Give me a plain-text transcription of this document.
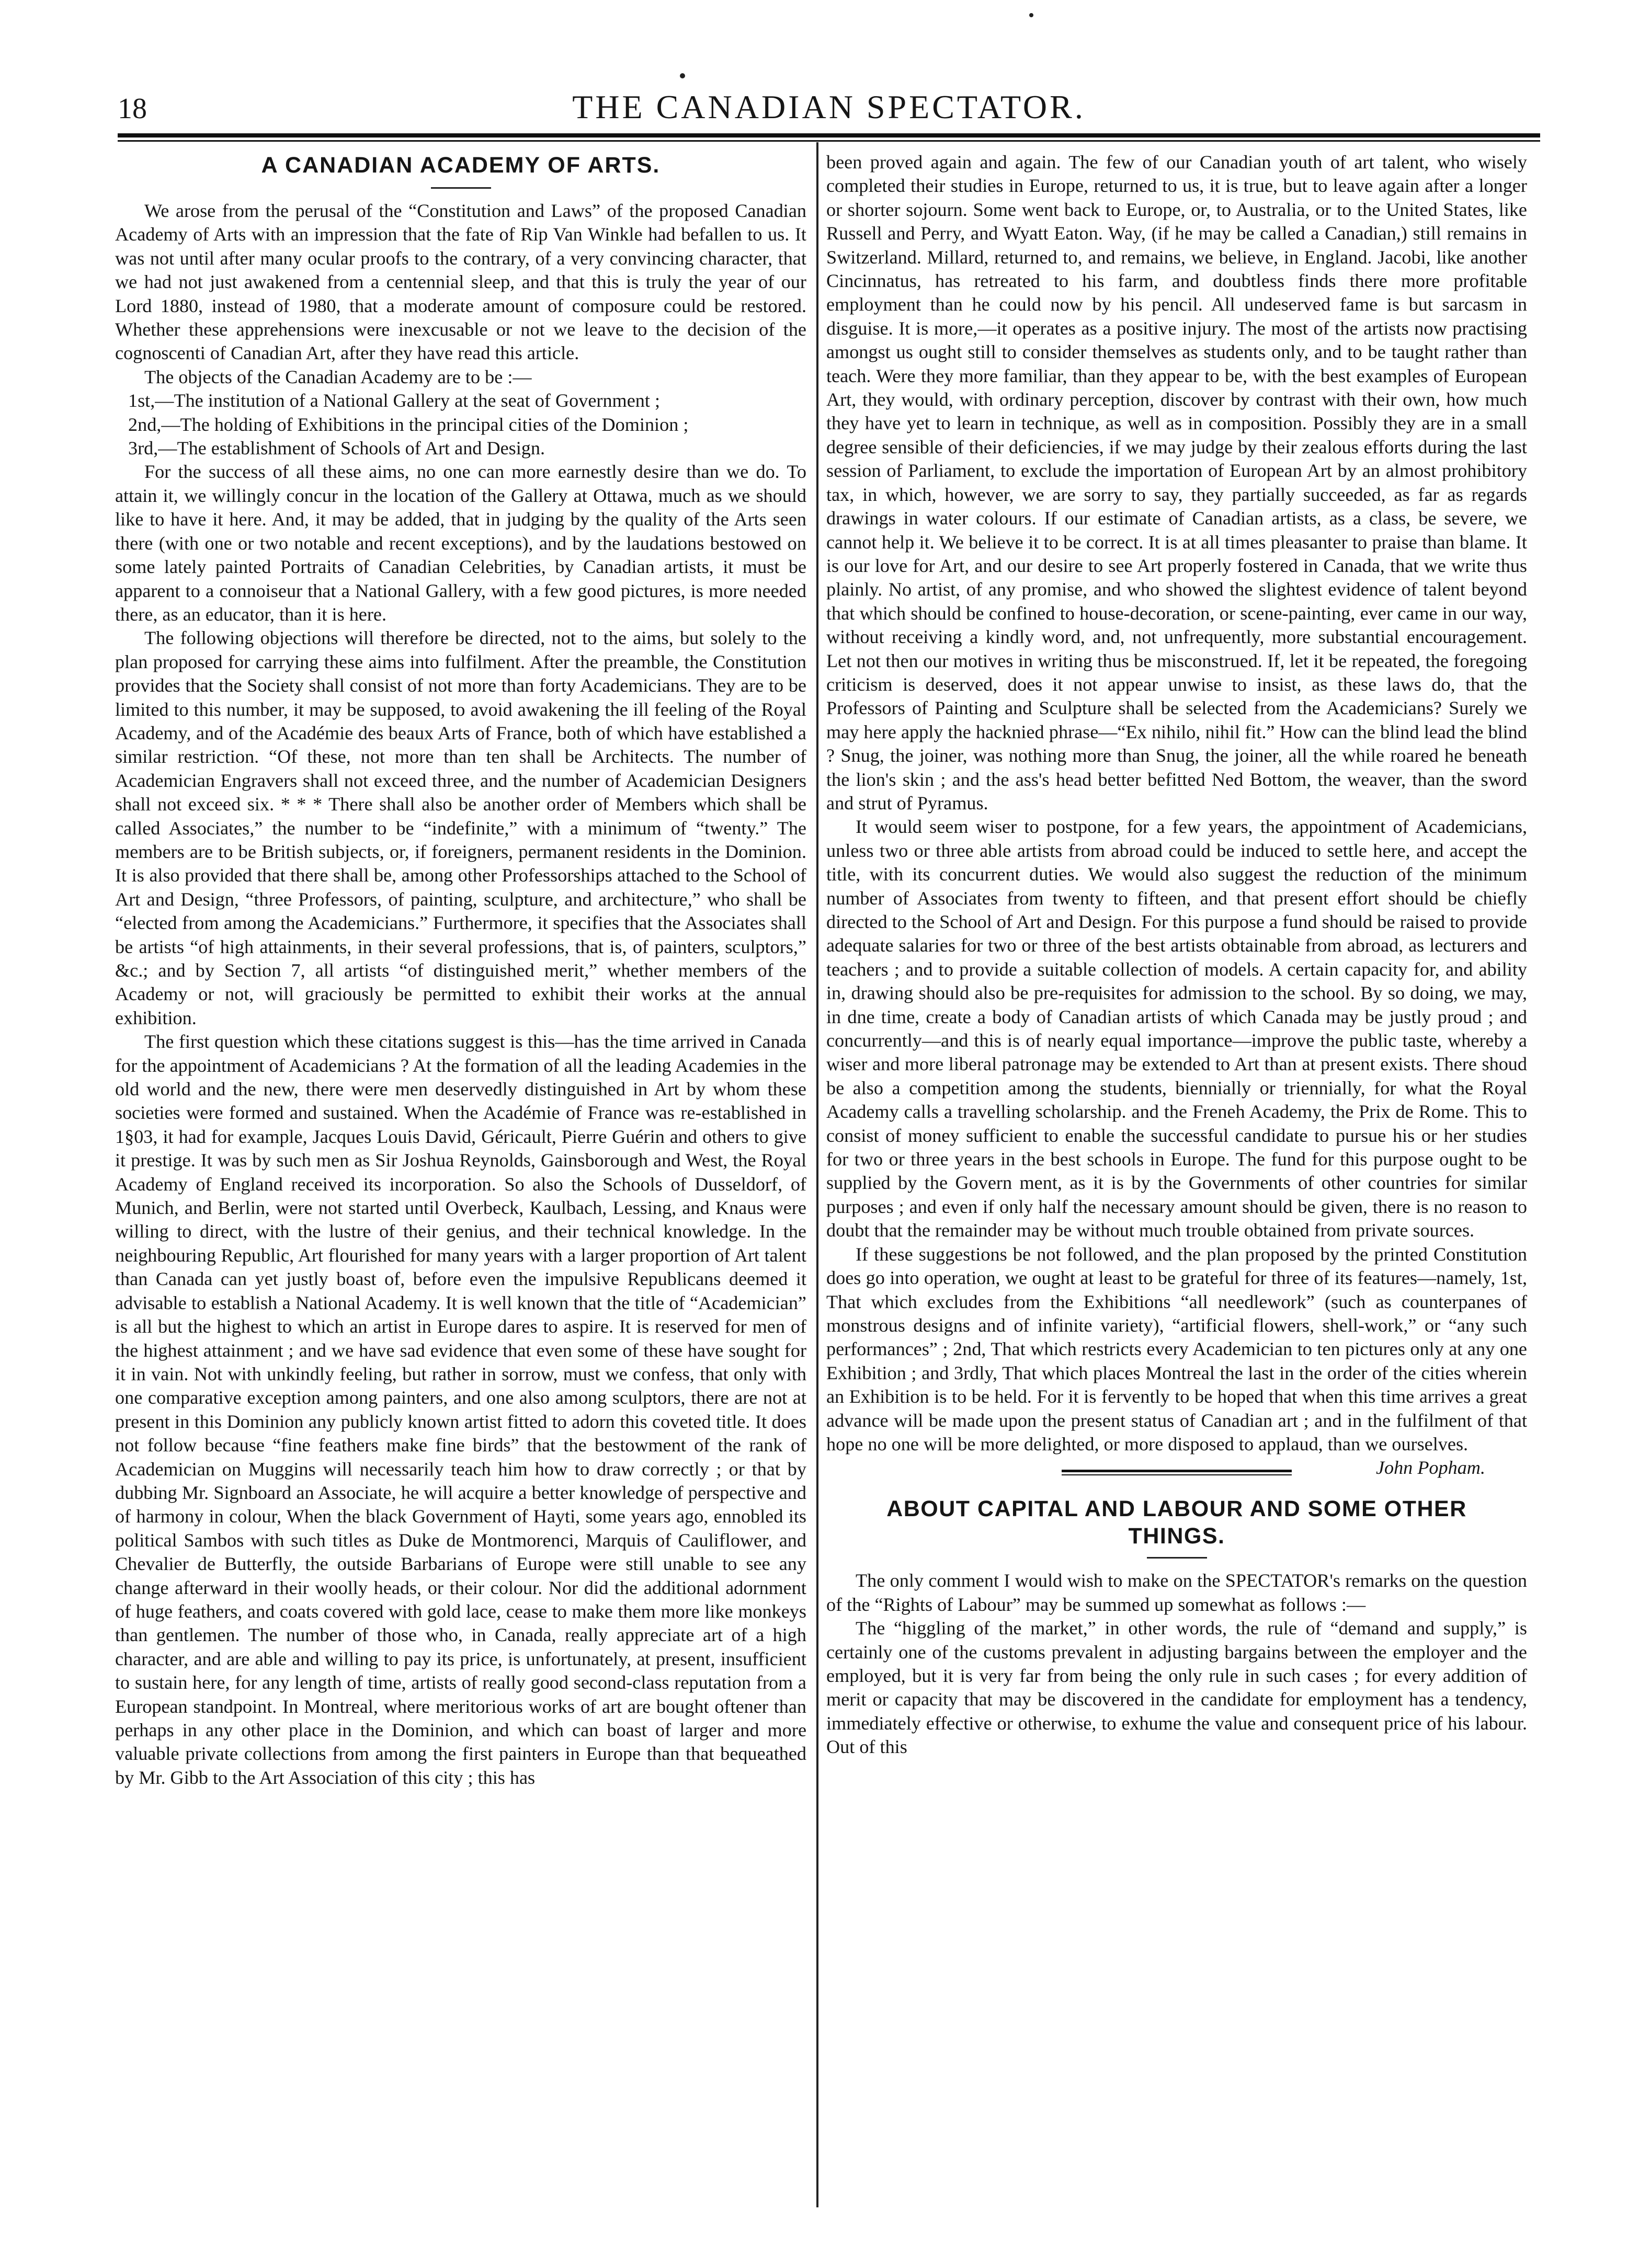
18	THE CANADIAN SPECTATOR.
A CANADIAN ACADEMY OF ARTS.

We arose from the perusal of the “Constitution and Laws” of the proposed Canadian Academy of Arts with an impression that the fate of Rip Van Winkle had befallen to us. It was not until after many ocular proofs to the contrary, of a very convincing character, that we had not just awakened from a centennial sleep, and that this is truly the year of our Lord 1880, instead of 1980, that a moderate amount of composure could be restored. Whether these apprehensions were inexcusable or not we leave to the decision of the cognoscenti of Canadian Art, after they have read this article.

The objects of the Canadian Academy are to be :—

1st,—The institution of a National Gallery at the seat of Government ;

2nd,—The holding of Exhibitions in the principal cities of the Dominion ;

3rd,—The establishment of Schools of Art and Design.

For the success of all these aims, no one can more earnestly desire than we do. To attain it, we willingly concur in the location of the Gallery at Ottawa, much as we should like to have it here. And, it may be added, that in judging by the quality of the Arts seen there (with one or two notable and recent exceptions), and by the laudations bestowed on some lately painted Portraits of Canadian Celebrities, by Canadian artists, it must be apparent to a connoiseur that a National Gallery, with a few good pictures, is more needed there, as an educator, than it is here.

The following objections will therefore be directed, not to the aims, but solely to the plan proposed for carrying these aims into fulfilment. After the preamble, the Constitution provides that the Society shall consist of not more than forty Academicians. They are to be limited to this number, it may be supposed, to avoid awakening the ill feeling of the Royal Academy, and of the Académie des beaux Arts of France, both of which have established a similar restriction. “Of these, not more than ten shall be Architects. The number of Academician Engravers shall not exceed three, and the number of Academician Designers shall not exceed six. * * * There shall also be another order of Members which shall be called Associates,” the number to be “indefinite,” with a minimum of “twenty.” The members are to be British subjects, or, if foreigners, permanent residents in the Dominion. It is also provided that there shall be, among other Professorships attached to the School of Art and Design, “three Professors, of painting, sculpture, and architecture,” who shall be “elected from among the Academicians.” Furthermore, it specifies that the Associates shall be artists “of high attainments, in their several professions, that is, of painters, sculptors,” &c.; and by Section 7, all artists “of distinguished merit,” whether members of the Academy or not, will graciously be permitted to exhibit their works at the annual exhibition.

The first question which these citations suggest is this—has the time arrived in Canada for the appointment of Academicians ? At the formation of all the leading Academies in the old world and the new, there were men deservedly distinguished in Art by whom these societies were formed and sustained. When the Académie of France was re-established in 1§03, it had for example, Jacques Louis David, Géricault, Pierre Guérin and others to give it prestige. It was by such men as Sir Joshua Reynolds, Gainsborough and West, the Royal Academy of England received its incorporation. So also the Schools of Dusseldorf, of Munich, and Berlin, were not started until Overbeck, Kaulbach, Lessing, and Knaus were willing to direct, with the lustre of their genius, and their technical knowledge. In the neighbouring Republic, Art flourished for many years with a larger proportion of Art talent than Canada can yet justly boast of, before even the impulsive Republicans deemed it advisable to establish a National Academy. It is well known that the title of “Academician” is all but the highest to which an artist in Europe dares to aspire. It is reserved for men of the highest attainment ; and we have sad evidence that even some of these have sought for it in vain. Not with unkindly feeling, but rather in sorrow, must we confess, that only with one comparative exception among painters, and one also among sculptors, there are not at present in this Dominion any publicly known artist fitted to adorn this coveted title. It does not follow because “fine feathers make fine birds” that the bestowment of the rank of Academician on Muggins will necessarily teach him how to draw correctly ; or that by dubbing Mr. Signboard an Associate, he will acquire a better knowledge of perspective and of harmony in colour, When the black Government of Hayti, some years ago, ennobled its political Sambos with such titles as Duke de Montmorenci, Marquis of Cauliflower, and Chevalier de Butterfly, the outside Barbarians of Europe were still unable to see any change afterward in their woolly heads, or their colour. Nor did the additional adornment of huge feathers, and coats covered with gold lace, cease to make them more like monkeys than gentlemen. The number of those who, in Canada, really appreciate art of a high character, and are able and willing to pay its price, is unfortunately, at present, insufficient to sustain here, for any length of time, artists of really good second-class reputation from a European standpoint. In Montreal, where meritorious works of art are bought oftener than perhaps in any other place in the Dominion, and which can boast of larger and more valuable private collections from among the first painters in Europe than that bequeathed by Mr. Gibb to the Art Association of this city ; this has

been proved again and again. The few of our Canadian youth of art talent, who wisely completed their studies in Europe, returned to us, it is true, but to leave again after a longer or shorter sojourn. Some went back to Europe, or, to Australia, or to the United States, like Russell and Perry, and Wyatt Eaton. Way, (if he may be called a Canadian,) still remains in Switzerland. Millard, returned to, and remains, we believe, in England. Jacobi, like another Cincinnatus, has retreated to his farm, and doubtless finds there more profitable employment than he could now by his pencil. All undeserved fame is but sarcasm in disguise. It is more,—it operates as a positive injury. The most of the artists now practising amongst us ought still to consider themselves as students only, and to be taught rather than teach. Were they more familiar, than they appear to be, with the best examples of European Art, they would, with ordinary perception, discover by contrast with their own, how much they have yet to learn in technique, as well as in composition. Possibly they are in a small degree sensible of their deficiencies, if we may judge by their zealous efforts during the last session of Parliament, to exclude the importation of European Art by an almost prohibitory tax, in which, however, we are sorry to say, they partially succeeded, as far as regards drawings in water colours. If our estimate of Canadian artists, as a class, be severe, we cannot help it. We believe it to be correct. It is at all times pleasanter to praise than blame. It is our love for Art, and our desire to see Art properly fostered in Canada, that we write thus plainly. No artist, of any promise, and who showed the slightest evidence of talent beyond that which should be confined to house-decoration, or scene-painting, ever came in our way, without receiving a kindly word, and, not unfrequently, more substantial encouragement. Let not then our motives in writing thus be misconstrued. If, let it be repeated, the foregoing criticism is deserved, does it not appear unwise to insist, as these laws do, that the Professors of Painting and Sculpture shall be selected from the Academicians? Surely we may here apply the hacknied phrase—“Ex nihilo, nihil fit.” How can the blind lead the blind ? Snug, the joiner, was nothing more than Snug, the joiner, all the while roared he beneath the lion's skin ; and the ass's head better befitted Ned Bottom, the weaver, than the sword and strut of Pyramus.

It would seem wiser to postpone, for a few years, the appointment of Academicians, unless two or three able artists from abroad could be induced to settle here, and accept the title, with its concurrent duties. We would also suggest the reduction of the minimum number of Associates from twenty to fifteen, and that present effort should be chiefly directed to the School of Art and Design. For this purpose a fund should be raised to provide adequate salaries for two or three of the best artists obtainable from abroad, as lecturers and teachers ; and to provide a suitable collection of models. A certain capacity for, and ability in, drawing should also be pre-requisites for admission to the school. By so doing, we may, in dne time, create a body of Canadian artists of which Canada may be justly proud ; and concurrently—and this is of nearly equal importance—improve the public taste, whereby a wiser and more liberal patronage may be extended to Art than at present exists. There shoud be also a competition among the students, biennially or triennially, for what the Royal Academy calls a travelling scholarship. and the Freneh Academy, the Prix de Rome. This to consist of money sufficient to enable the successful candidate to pursue his or her studies for two or three years in the best schools in Europe. The fund for this purpose ought to be supplied by the Govern ment, as it is by the Governments of other countries for similar purposes ; and even if only half the necessary amount should be given, there is no reason to doubt that the remainder may be without much trouble obtained from private sources.

If these suggestions be not followed, and the plan proposed by the printed Constitution does go into operation, we ought at least to be grateful for three of its features—namely, 1st, That which excludes from the Exhibitions “all needlework” (such as counterpanes of monstrous designs and of infinite variety), “artificial flowers, shell-work,” or “any such performances” ; 2nd, That which restricts every Academician to ten pictures only at any one Exhibition ; and 3rdly, That which places Montreal the last in the order of the cities wherein an Exhibition is to be held. For it is fervently to be hoped that when this time arrives a great advance will be made upon the present status of Canadian art ; and in the fulfilment of that hope no one will be more delighted, or more disposed to applaud, than we ourselves.
John Popham.

ABOUT CAPITAL AND LABOUR AND SOME OTHER THINGS.

The only comment I would wish to make on the SPECTATOR's remarks on the question of the “Rights of Labour” may be summed up somewhat as follows :—

The “higgling of the market,” in other words, the rule of “demand and supply,” is certainly one of the customs prevalent in adjusting bargains between the employer and the employed, but it is very far from being the only rule in such cases ; for every addition of merit or capacity that may be discovered in the candidate for employment has a tendency, immediately effective or otherwise, to exhume the value and consequent price of his labour. Out of this
